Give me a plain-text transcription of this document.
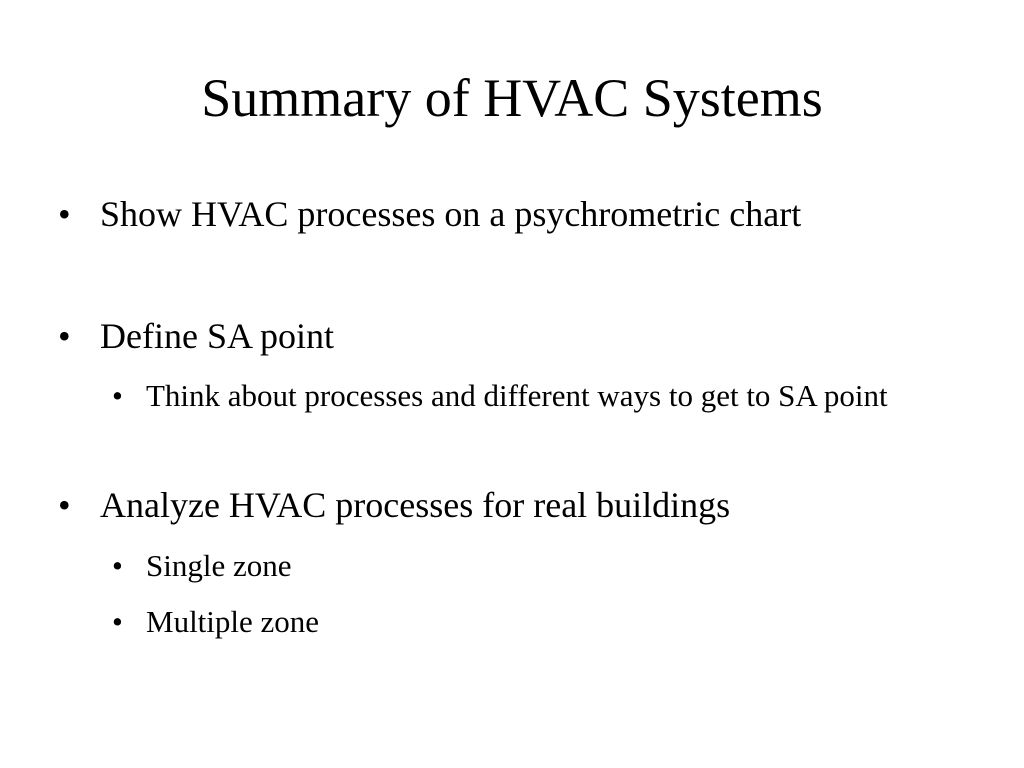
Summary of HVAC Systems
• Show HVAC processes on a psychrometric chart
• Define SA point
• Think about processes and different ways to get to SA point
• Analyze HVAC processes for real buildings
• Single zone
• Multiple zone
